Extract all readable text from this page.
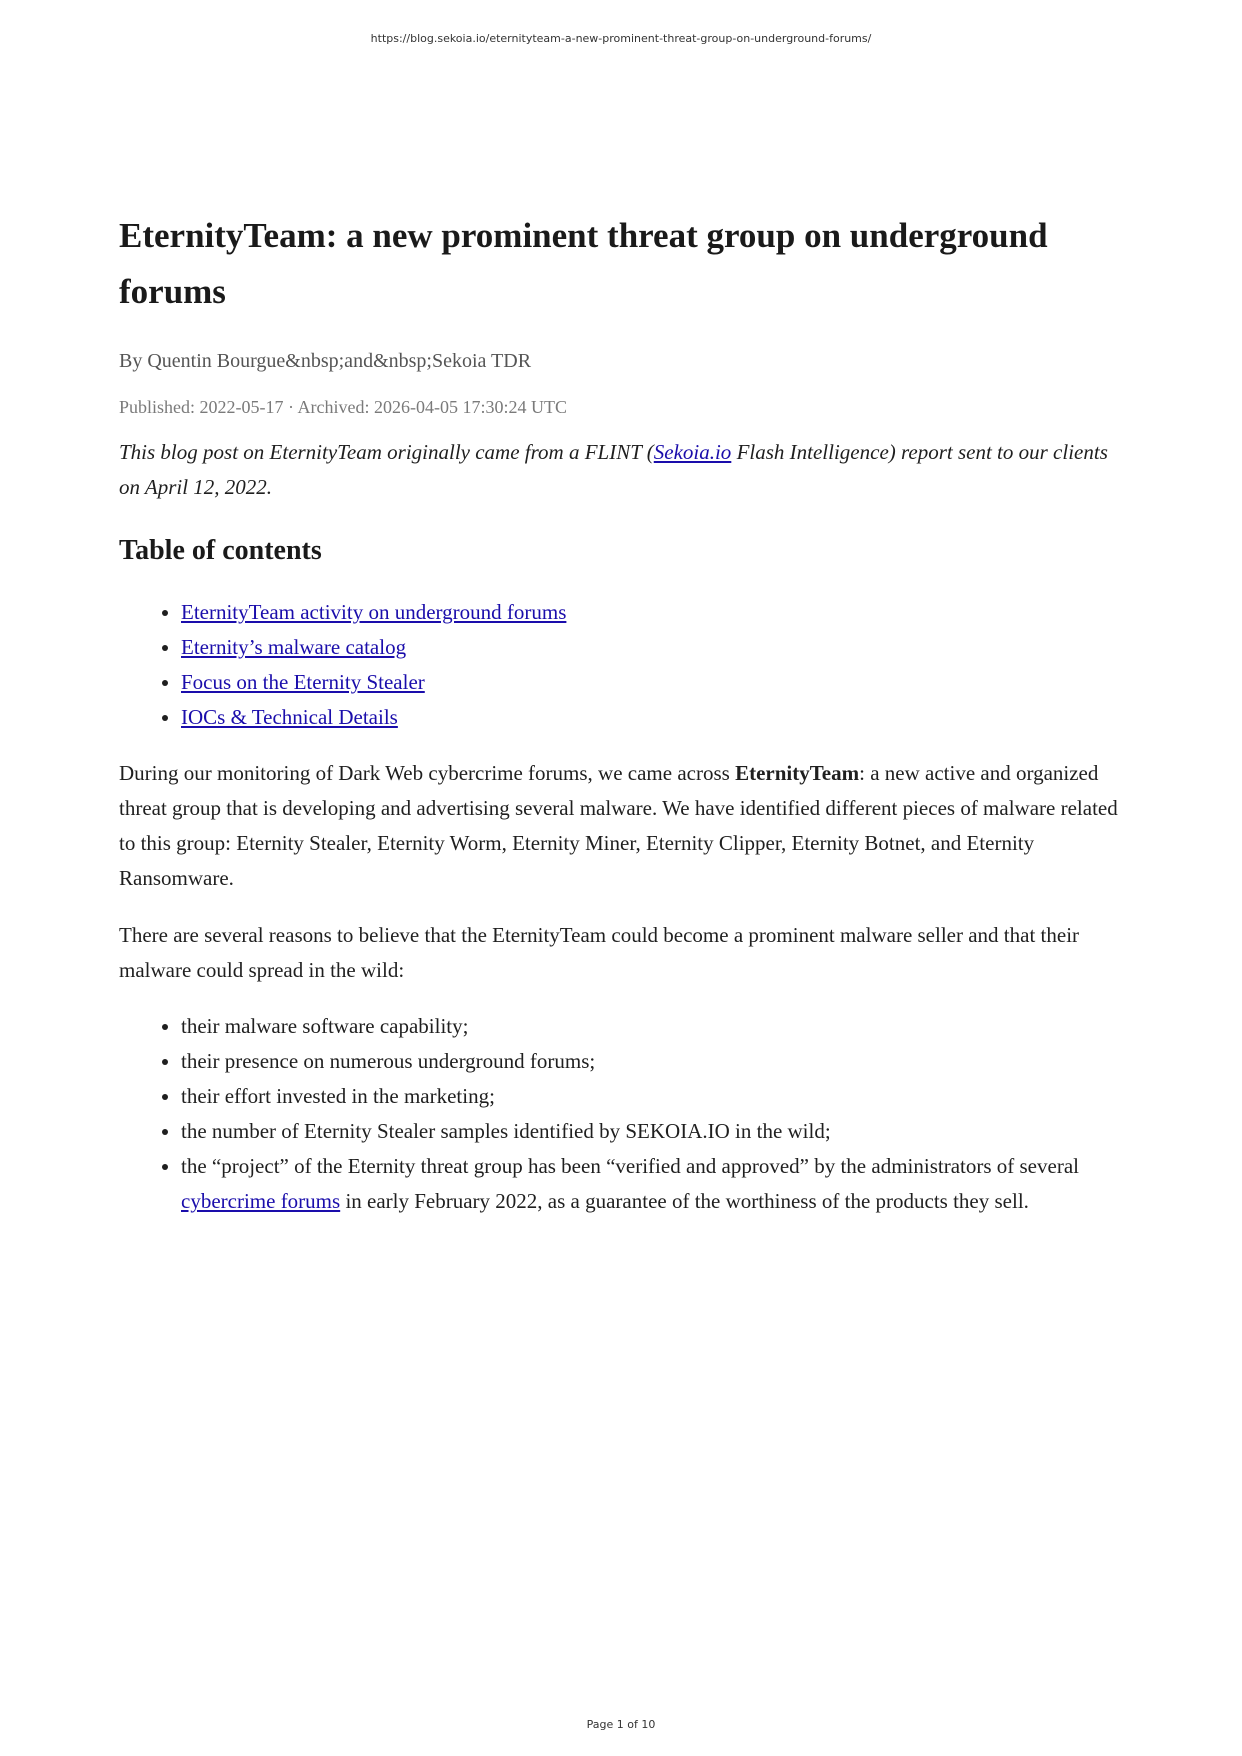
https://blog.sekoia.io/eternityteam-a-new-prominent-threat-group-on-underground-forums/
EternityTeam: a new prominent threat group on underground forums
By Quentin Bourgue&nbsp;and&nbsp;Sekoia TDR
Published: 2022-05-17 · Archived: 2026-04-05 17:30:24 UTC

This blog post on EternityTeam originally came from a FLINT (Sekoia.io Flash Intelligence) report sent to our clients on April 12, 2022.

Table of contents
• EternityTeam activity on underground forums
• Eternity’s malware catalog
• Focus on the Eternity Stealer
• IOCs & Technical Details

During our monitoring of Dark Web cybercrime forums, we came across EternityTeam: a new active and organized threat group that is developing and advertising several malware. We have identified different pieces of malware related to this group: Eternity Stealer, Eternity Worm, Eternity Miner, Eternity Clipper, Eternity Botnet, and Eternity Ransomware.

There are several reasons to believe that the EternityTeam could become a prominent malware seller and that their malware could spread in the wild:

• their malware software capability;
• their presence on numerous underground forums;
• their effort invested in the marketing;
• the number of Eternity Stealer samples identified by SEKOIA.IO in the wild;
• the “project” of the Eternity threat group has been “verified and approved” by the administrators of several cybercrime forums in early February 2022, as a guarantee of the worthiness of the products they sell.
Page 1 of 10
